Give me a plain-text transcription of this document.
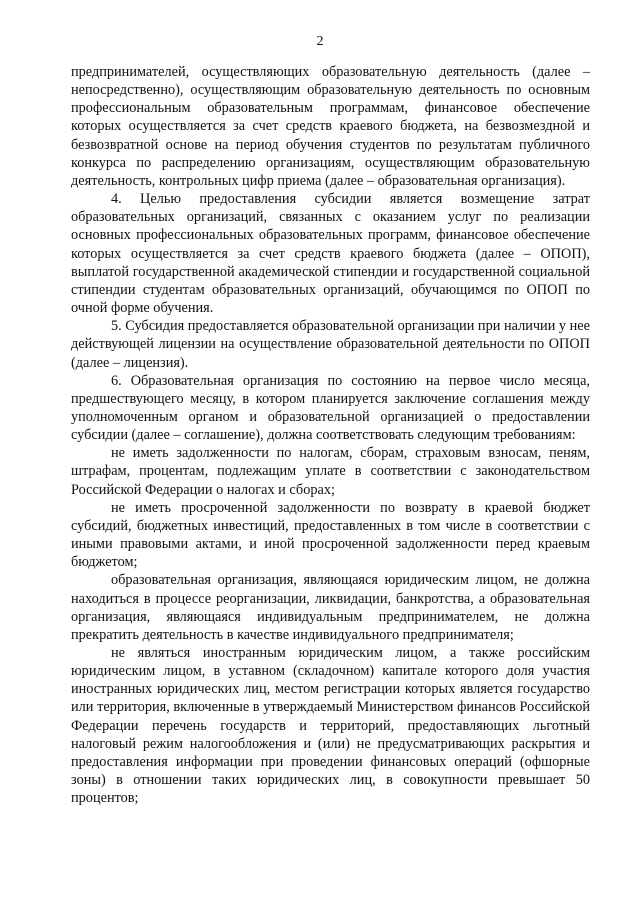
2

предпринимателей, осуществляющих образовательную деятельность (далее – непосредственно), осуществляющим образовательную деятельность по основным профессиональным образовательным программам, финансовое обеспечение которых осуществляется за счет средств краевого бюджета, на безвозмездной и безвозвратной основе на период обучения студентов по результатам публичного конкурса по распределению организациям, осуществляющим образовательную деятельность, контрольных цифр приема (далее – образовательная организация).

4. Целью предоставления субсидии является возмещение затрат образовательных организаций, связанных с оказанием услуг по реализации основных профессиональных образовательных программ, финансовое обеспечение которых осуществляется за счет средств краевого бюджета (далее – ОПОП), выплатой государственной академической стипендии и государственной социальной стипендии студентам образовательных организаций, обучающимся по ОПОП по очной форме обучения.

5. Субсидия предоставляется образовательной организации при наличии у нее действующей лицензии на осуществление образовательной деятельности по ОПОП (далее – лицензия).

6. Образовательная организация по состоянию на первое число месяца, предшествующего месяцу, в котором планируется заключение соглашения между уполномоченным органом и образовательной организацией о предоставлении субсидии (далее – соглашение), должна соответствовать следующим требованиям:

не иметь задолженности по налогам, сборам, страховым взносам, пеням, штрафам, процентам, подлежащим уплате в соответствии с законодательством Российской Федерации о налогах и сборах;

не иметь просроченной задолженности по возврату в краевой бюджет субсидий, бюджетных инвестиций, предоставленных в том числе в соответствии с иными правовыми актами, и иной просроченной задолженности перед краевым бюджетом;

образовательная организация, являющаяся юридическим лицом, не должна находиться в процессе реорганизации, ликвидации, банкротства, а образовательная организация, являющаяся индивидуальным предпринимателем, не должна прекратить деятельность в качестве индивидуального предпринимателя;

не являться иностранным юридическим лицом, а также российским юридическим лицом, в уставном (складочном) капитале которого доля участия иностранных юридических лиц, местом регистрации которых является государство или территория, включенные в утверждаемый Министерством финансов Российской Федерации перечень государств и территорий, предоставляющих льготный налоговый режим налогообложения и (или) не предусматривающих раскрытия и предоставления информации при проведении финансовых операций (офшорные зоны) в отношении таких юридических лиц, в совокупности превышает 50 процентов;
